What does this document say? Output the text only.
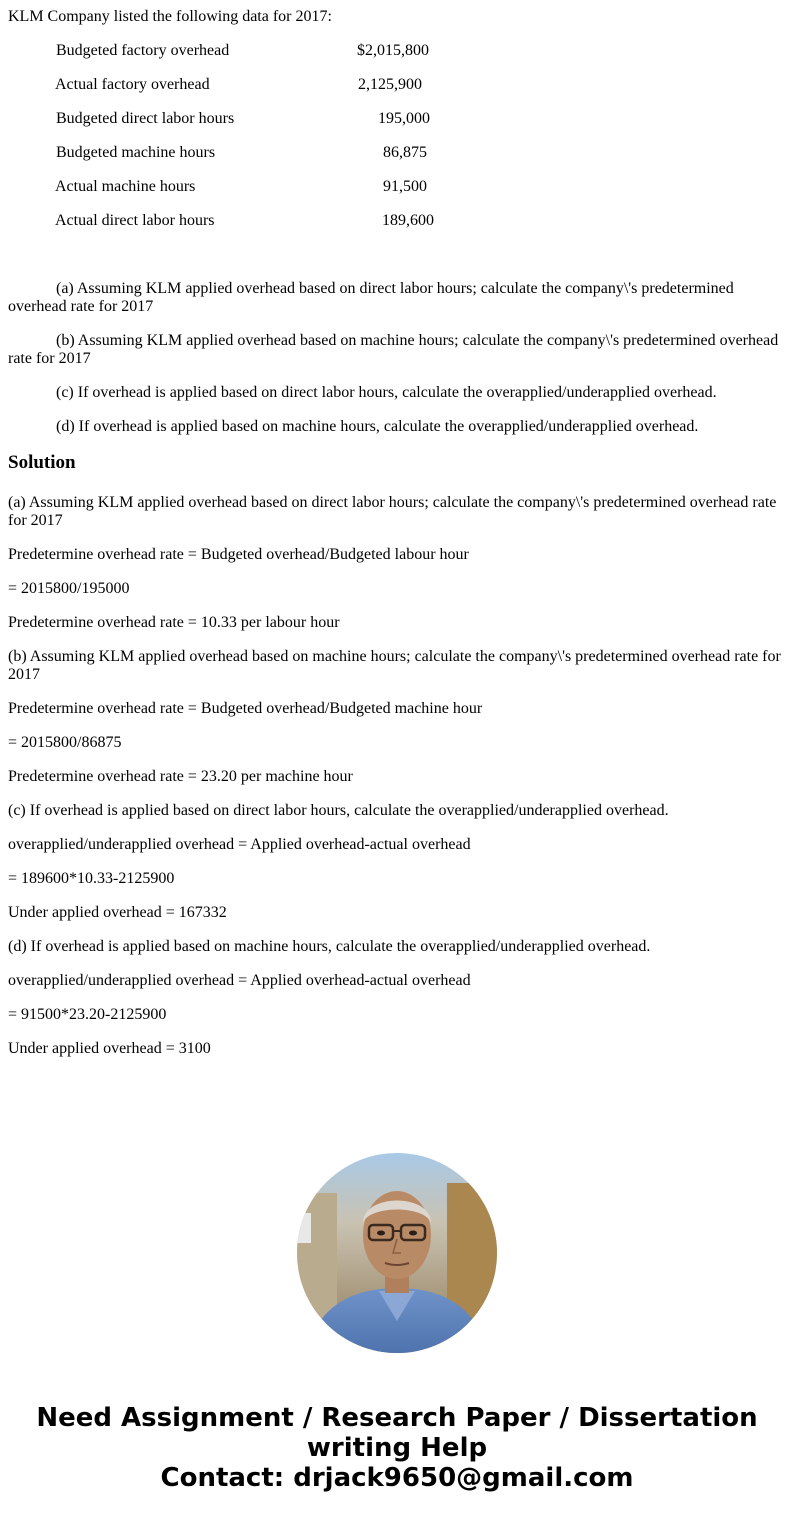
KLM Company listed the following data for 2017:

Budgeted factory overhead	$2,015,800
Actual factory overhead	2,125,900
Budgeted direct labor hours	195,000
Budgeted machine hours	86,875
Actual machine hours	91,500
Actual direct labor hours	189,600

(a) Assuming KLM applied overhead based on direct labor hours; calculate the company\'s predetermined overhead rate for 2017

(b) Assuming KLM applied overhead based on machine hours; calculate the company\'s predetermined overhead rate for 2017

(c) If overhead is applied based on direct labor hours, calculate the overapplied/underapplied overhead.

(d) If overhead is applied based on machine hours, calculate the overapplied/underapplied overhead.

Solution

(a) Assuming KLM applied overhead based on direct labor hours; calculate the company\'s predetermined overhead rate for 2017

Predetermine overhead rate = Budgeted overhead/Budgeted labour hour

= 2015800/195000

Predetermine overhead rate = 10.33 per labour hour

(b) Assuming KLM applied overhead based on machine hours; calculate the company\'s predetermined overhead rate for 2017

Predetermine overhead rate = Budgeted overhead/Budgeted machine hour

= 2015800/86875

Predetermine overhead rate = 23.20 per machine hour

(c) If overhead is applied based on direct labor hours, calculate the overapplied/underapplied overhead.

overapplied/underapplied overhead = Applied overhead-actual overhead

= 189600*10.33-2125900

Under applied overhead = 167332

(d) If overhead is applied based on machine hours, calculate the overapplied/underapplied overhead.

overapplied/underapplied overhead = Applied overhead-actual overhead

= 91500*23.20-2125900

Under applied overhead = 3100

Need Assignment / Research Paper / Dissertation
writing Help
Contact: drjack9650@gmail.com
